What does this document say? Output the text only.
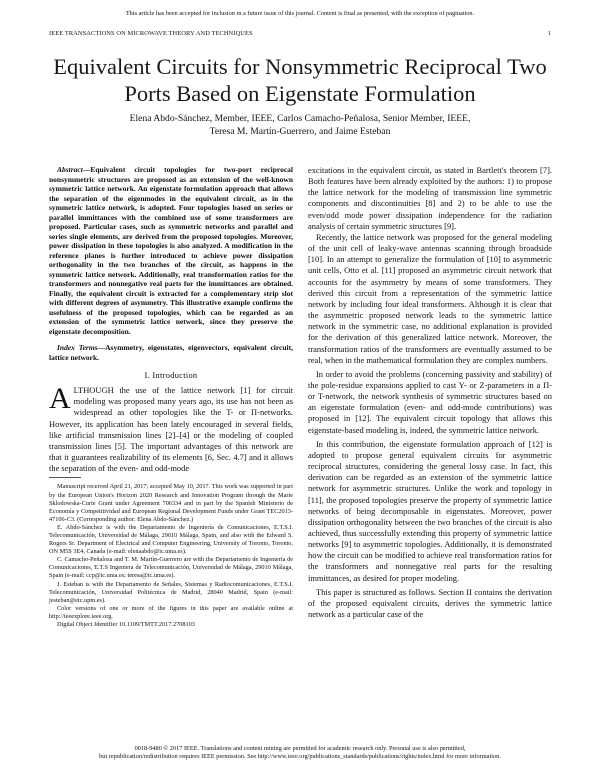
This article has been accepted for inclusion in a future issue of this journal. Content is final as presented, with the exception of pagination.
IEEE TRANSACTIONS ON MICROWAVE THEORY AND TECHNIQUES	1
Equivalent Circuits for Nonsymmetric Reciprocal Two Ports Based on Eigenstate Formulation
Elena Abdo-Sánchez, Member, IEEE, Carlos Camacho-Peñalosa, Senior Member, IEEE,
Teresa M. Martín-Guerrero, and Jaime Esteban

Abstract—Equivalent circuit topologies for two-port reciprocal nonsymmetric structures are proposed as an extension of the well-known symmetric lattice network. An eigenstate formulation approach that allows the separation of the eigenmodes in the equivalent circuit, as in the symmetric lattice network, is adopted. Four topologies based on series or parallel immittances with the combined use of some transformers are proposed. Particular cases, such as symmetric networks and parallel and series single elements, are derived from the proposed topologies. Moreover, power dissipation in these topologies is also analyzed. A modification in the reference planes is further introduced to achieve power dissipation orthogonality in the two branches of the circuit, as happens in the symmetric lattice network. Additionally, real transformation ratios for the transformers and nonnegative real parts for the immittances are obtained. Finally, the equivalent circuit is extracted for a complementary strip slot with different degrees of asymmetry. This illustrative example confirms the usefulness of the proposed topologies, which can be regarded as an extension of the symmetric lattice network, since they preserve the eigenstate decomposition.

Index Terms—Asymmetry, eigenstates, eigenvectors, equivalent circuit, lattice network.

I. Introduction

ALTHOUGH the use of the lattice network [1] for circuit modeling was proposed many years ago, its use has not been as widespread as other topologies like the T- or Π-networks. However, its application has been lately encouraged in several fields, like artificial transmission lines [2]–[4] or the modeling of coupled transmission lines [5]. The important advantages of this network are that it guarantees realizability of its elements [6, Sec. 4.7] and it allows the separation of the even- and odd-mode

Manuscript received April 21, 2017; accepted May 10, 2017. This work was supported in part by the European Union's Horizon 2020 Research and Innovation Program through the Marie Sklodowska-Curie Grant under Agreement 706334 and in part by the Spanish Ministerio de Economía y Competitividad and European Regional Development Funds under Grant TEC2013-47106-C3. (Corresponding author: Elena Abdo-Sánchez.)

E. Abdo-Sánchez is with the Departamento de Ingeniería de Comunicaciones, E.T.S.I. Telecomunicación, Universidad de Málaga, 29010 Málaga, Spain, and also with the Edward S. Rogers Sr. Department of Electrical and Computer Engineering, University of Toronto, Toronto, ON M5S 3E4, Canada (e-mail: elenaabdo@ic.uma.es).

C. Camacho-Peñalosa and T. M. Martín-Guerrero are with the Departamento de Ingeniería de Comunicaciones, E.T.S Ingeniera de Telecomunicación, Universidad de Málaga, 29010 Málaga, Spain (e-mail: ccp@ic.uma.es; teresa@ic.uma.es).

J. Esteban is with the Departamento de Señales, Sistemas y Radiocomunicaciones, E.T.S.I. Telecomunicación, Universidad Politécnica de Madrid, 28040 Madrid, Spain (e-mail: jesteban@etc.upm.es).

Color versions of one or more of the figures in this paper are available online at http://ieeexplore.ieee.org.

Digital Object Identifier 10.1109/TMTT.2017.2708103

excitations in the equivalent circuit, as stated in Bartlett's theorem [7]. Both features have been already exploited by the authors: 1) to propose the lattice network for the modeling of transmission line symmetric components and discontinuities [8] and 2) to be able to use the even/odd mode power dissipation independence for the radiation analysis of certain symmetric structures [9].

Recently, the lattice network was proposed for the general modeling of the unit cell of leaky-wave antennas scanning through broadside [10]. In an attempt to generalize the formulation of [10] to asymmetric unit cells, Otto et al. [11] proposed an asymmetric circuit network that accounts for the asymmetry by means of some transformers. They derived this circuit from a representation of the symmetric lattice network by including four ideal transformers. Although it is clear that the asymmetric proposed network leads to the symmetric lattice network in the symmetric case, no additional explanation is provided for the derivation of this generalized lattice network. Moreover, the transformation ratios of the transformers are eventually assumed to be real, when in the mathematical formulation they are complex numbers.

In order to avoid the problems (concerning passivity and stability) of the pole-residue expansions applied to cast Y- or Z-parameters in a Π- or T-network, the network synthesis of symmetric structures based on an eigenstate formulation (even- and odd-mode contributions) was proposed in [12]. The equivalent circuit topology that allows this eigenstate-based modeling is, indeed, the symmetric lattice network.

In this contribution, the eigenstate formulation approach of [12] is adopted to propose general equivalent circuits for asymmetric reciprocal structures, considering the general lossy case. In fact, this derivation can be regarded as an extension of the symmetric lattice network for asymmetric structures. Unlike the work and topology in [11], the proposed topologies preserve the property of symmetric lattice networks of being decomposable in eigenstates. Moreover, power dissipation orthogonality between the two branches of the circuit is also achieved, thus successfully extending this property of symmetric lattice networks [9] to asymmetric topologies. Additionally, it is demonstrated how the circuit can be modified to achieve real transformation ratios for the transformers and nonnegative real parts for the resulting immittances, as desired for proper modeling.

This paper is structured as follows. Section II contains the derivation of the proposed equivalent circuits, derives the symmetric lattice network as a particular case of the

0018-9480 © 2017 IEEE. Translations and content mining are permitted for academic research only. Personal use is also permitted,
but republication/redistribution requires IEEE permission. See http://www.ieee.org/publications_standards/publications/rights/index.html for more information.
